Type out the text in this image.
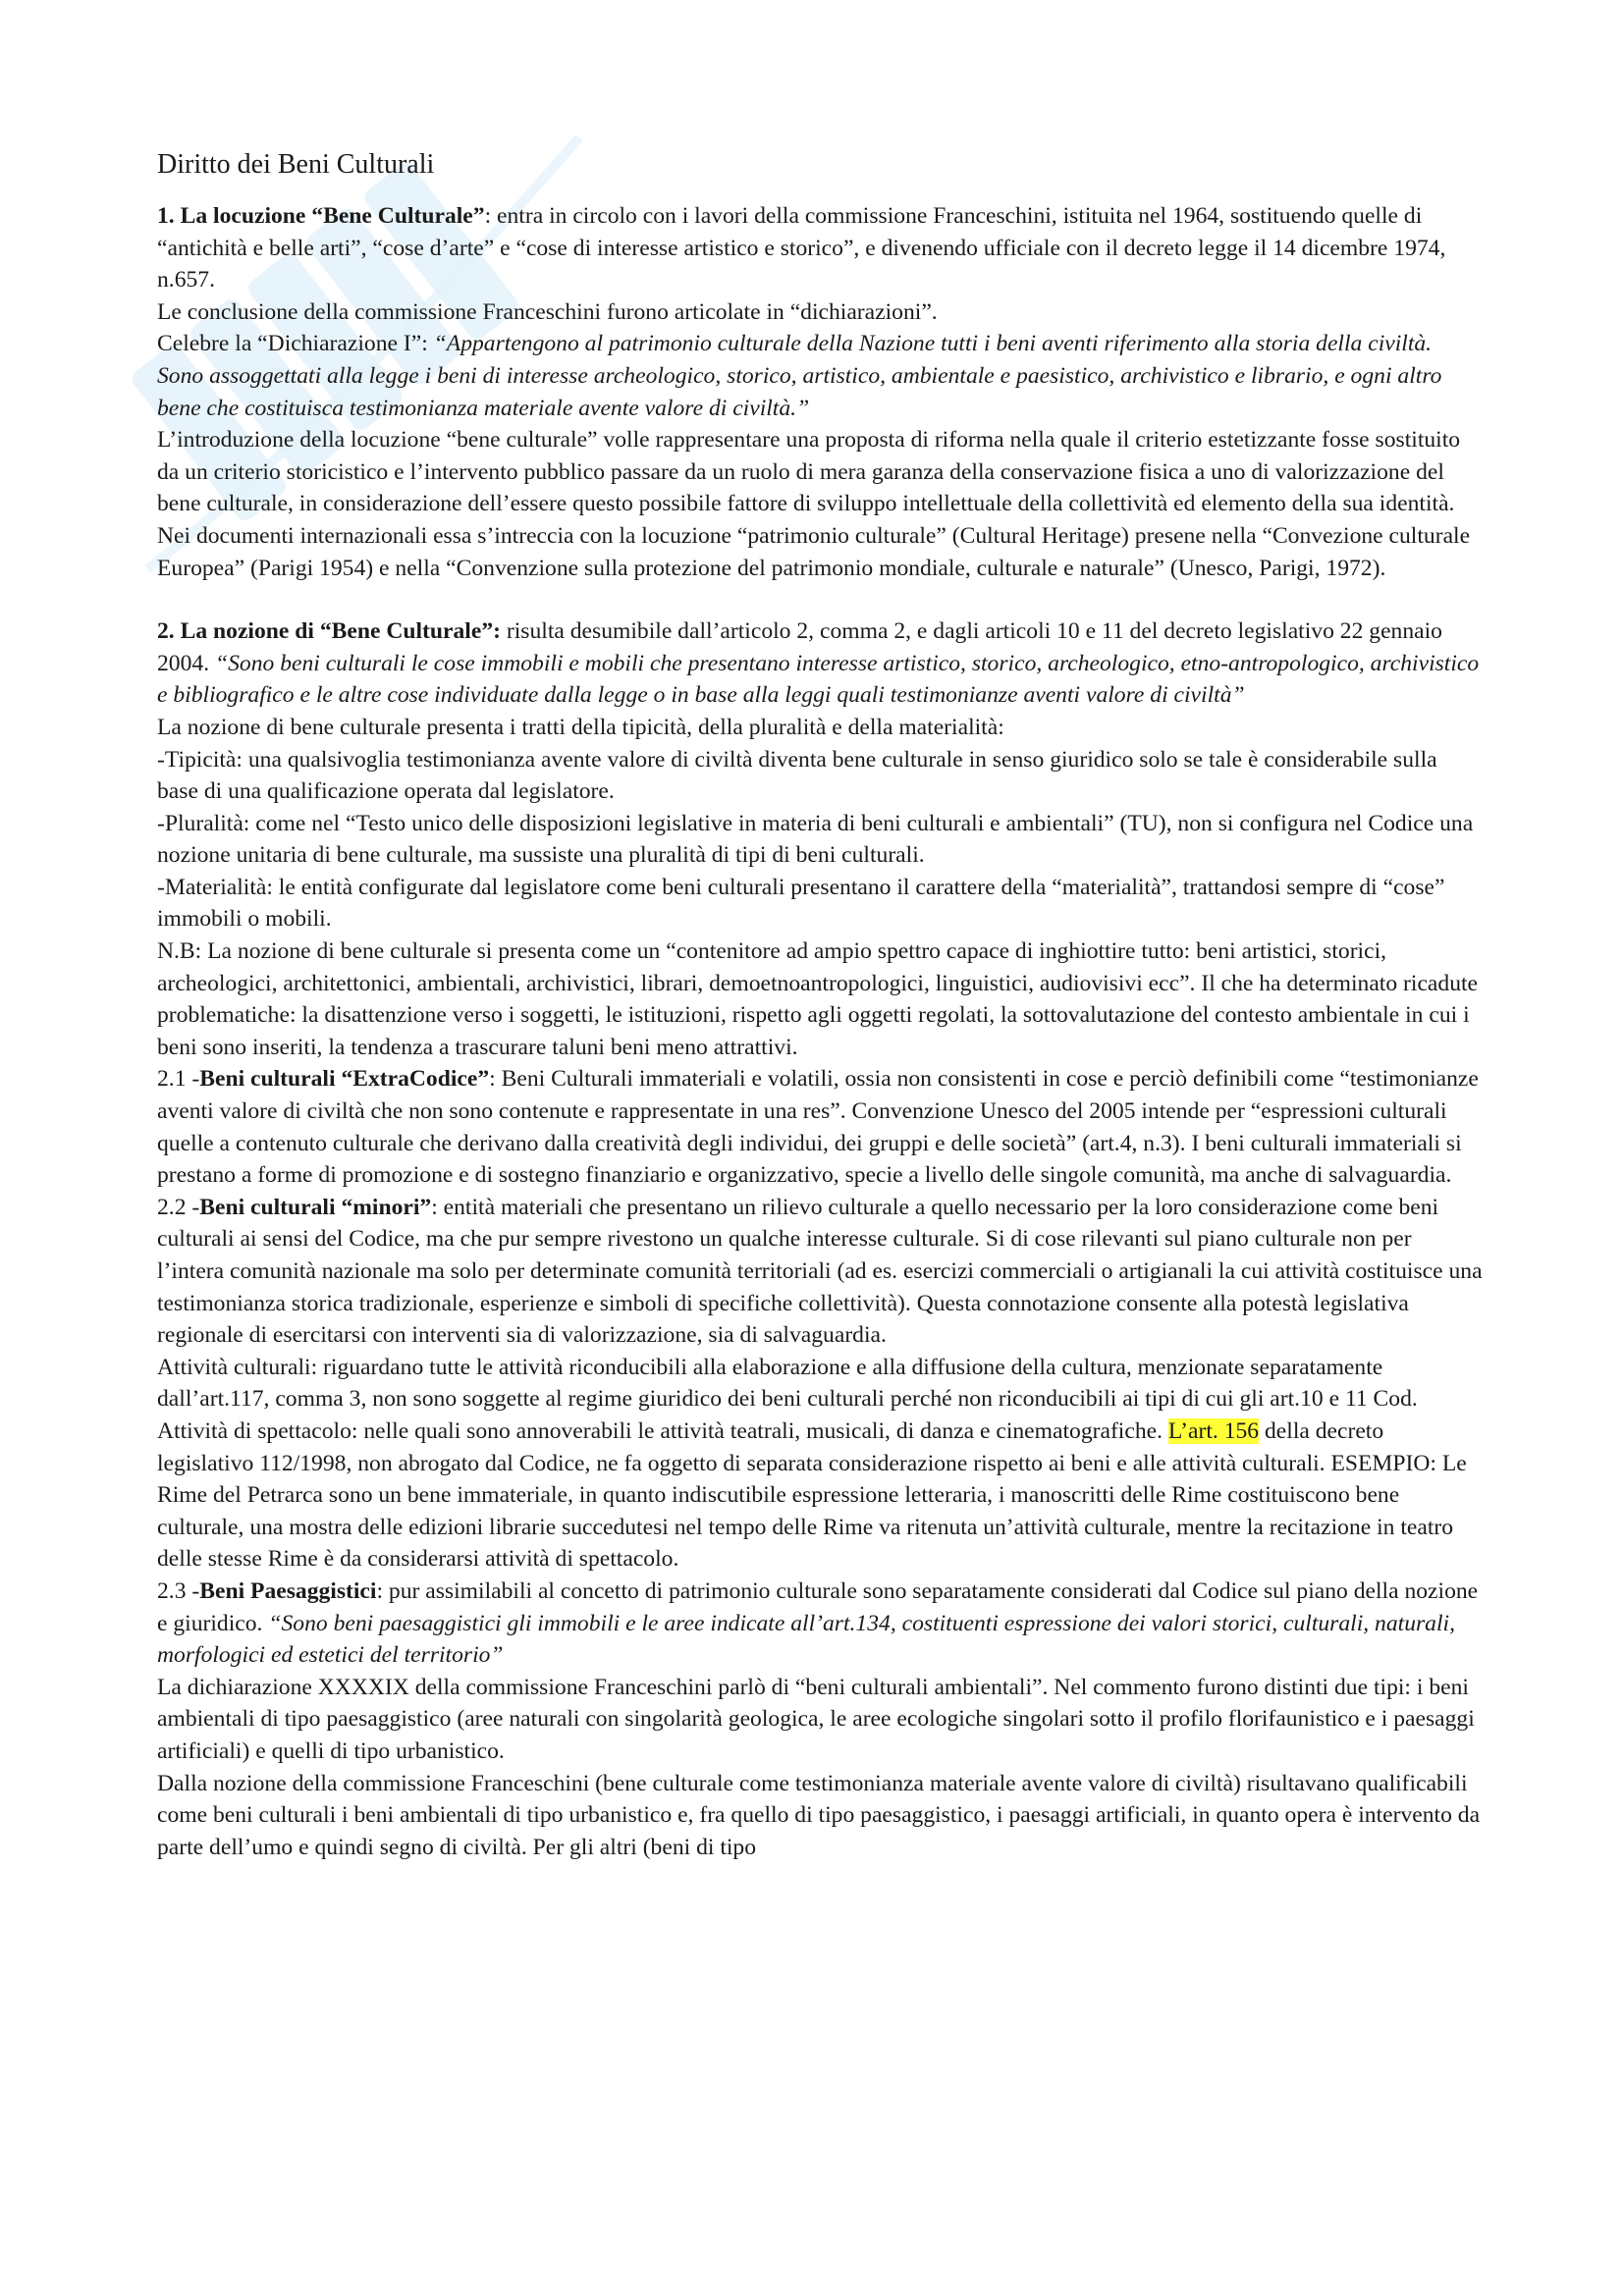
Diritto dei Beni Culturali

1. La locuzione “Bene Culturale”: entra in circolo con i lavori della commissione Franceschini, istituita nel 1964, sostituendo quelle di “antichità e belle arti”, “cose d’arte” e “cose di interesse artistico e storico”, e divenendo ufficiale con il decreto legge il 14 dicembre 1974, n.657.

Le conclusione della commissione Franceschini furono articolate in “dichiarazioni”.

Celebre la “Dichiarazione I”: “Appartengono al patrimonio culturale della Nazione tutti i beni aventi riferimento alla storia della civiltà. Sono assoggettati alla legge i beni di interesse archeologico, storico, artistico, ambientale e paesistico, archivistico e librario, e ogni altro bene che costituisca testimonianza materiale avente valore di civiltà.”

L’introduzione della locuzione “bene culturale” volle rappresentare una proposta di riforma nella quale il criterio estetizzante fosse sostituito da un criterio storicistico e l’intervento pubblico passare da un ruolo di mera garanza della conservazione fisica a uno di valorizzazione del bene culturale, in considerazione dell’essere questo possibile fattore di sviluppo intellettuale della collettività ed elemento della sua identità.

Nei documenti internazionali essa s’intreccia con la locuzione “patrimonio culturale” (Cultural Heritage) presene nella “Convezione culturale Europea” (Parigi 1954) e nella “Convenzione sulla protezione del patrimonio mondiale, culturale e naturale” (Unesco, Parigi, 1972).

2. La nozione di “Bene Culturale”: risulta desumibile dall’articolo 2, comma 2, e dagli articoli 10 e 11 del decreto legislativo 22 gennaio 2004. “Sono beni culturali le cose immobili e mobili che presentano interesse artistico, storico, archeologico, etno-antropologico, archivistico e bibliografico e le altre cose individuate dalla legge o in base alla leggi quali testimonianze aventi valore di civiltà”

La nozione di bene culturale presenta i tratti della tipicità, della pluralità e della materialità:

-Tipicità: una qualsivoglia testimonianza avente valore di civiltà diventa bene culturale in senso giuridico solo se tale è considerabile sulla base di una qualificazione operata dal legislatore.

-Pluralità: come nel “Testo unico delle disposizioni legislative in materia di beni culturali e ambientali” (TU), non si configura nel Codice una nozione unitaria di bene culturale, ma sussiste una pluralità di tipi di beni culturali.

-Materialità: le entità configurate dal legislatore come beni culturali presentano il carattere della “materialità”, trattandosi sempre di “cose” immobili o mobili.

N.B: La nozione di bene culturale si presenta come un “contenitore ad ampio spettro capace di inghiottire tutto: beni artistici, storici, archeologici, architettonici, ambientali, archivistici, librari, demoetnoantropologici, linguistici, audiovisivi ecc”. Il che ha determinato ricadute problematiche: la disattenzione verso i soggetti, le istituzioni, rispetto agli oggetti regolati, la sottovalutazione del contesto ambientale in cui i beni sono inseriti, la tendenza a trascurare taluni beni meno attrattivi.

2.1 -Beni culturali “ExtraCodice”: Beni Culturali immateriali e volatili, ossia non consistenti in cose e perciò definibili come “testimonianze aventi valore di civiltà che non sono contenute e rappresentate in una res”. Convenzione Unesco del 2005 intende per “espressioni culturali quelle a contenuto culturale che derivano dalla creatività degli individui, dei gruppi e delle società” (art.4, n.3). I beni culturali immateriali si prestano a forme di promozione e di sostegno finanziario e organizzativo, specie a livello delle singole comunità, ma anche di salvaguardia.

2.2 -Beni culturali “minori”: entità materiali che presentano un rilievo culturale a quello necessario per la loro considerazione come beni culturali ai sensi del Codice, ma che pur sempre rivestono un qualche interesse culturale. Si di cose rilevanti sul piano culturale non per l’intera comunità nazionale ma solo per determinate comunità territoriali (ad es. esercizi commerciali o artigianali la cui attività costituisce una testimonianza storica tradizionale, esperienze e simboli di specifiche collettività). Questa connotazione consente alla potestà legislativa regionale di esercitarsi con interventi sia di valorizzazione, sia di salvaguardia.

Attività culturali: riguardano tutte le attività riconducibili alla elaborazione e alla diffusione della cultura, menzionate separatamente dall’art.117, comma 3, non sono soggette al regime giuridico dei beni culturali perché non riconducibili ai tipi di cui gli art.10 e 11 Cod.

Attività di spettacolo: nelle quali sono annoverabili le attività teatrali, musicali, di danza e cinematografiche. L’art. 156 della decreto legislativo 112/1998, non abrogato dal Codice, ne fa oggetto di separata considerazione rispetto ai beni e alle attività culturali. ESEMPIO: Le Rime del Petrarca sono un bene immateriale, in quanto indiscutibile espressione letteraria, i manoscritti delle Rime costituiscono bene culturale, una mostra delle edizioni librarie succedutesi nel tempo delle Rime va ritenuta un’attività culturale, mentre la recitazione in teatro delle stesse Rime è da considerarsi attività di spettacolo.

2.3 -Beni Paesaggistici: pur assimilabili al concetto di patrimonio culturale sono separatamente considerati dal Codice sul piano della nozione e giuridico. “Sono beni paesaggistici gli immobili e le aree indicate all’art.134, costituenti espressione dei valori storici, culturali, naturali, morfologici ed estetici del territorio”

La dichiarazione XXXXIX della commissione Franceschini parlò di “beni culturali ambientali”. Nel commento furono distinti due tipi: i beni ambientali di tipo paesaggistico (aree naturali con singolarità geologica, le aree ecologiche singolari sotto il profilo florifaunistico e i paesaggi artificiali) e quelli di tipo urbanistico.

Dalla nozione della commissione Franceschini (bene culturale come testimonianza materiale avente valore di civiltà) risultavano qualificabili come beni culturali i beni ambientali di tipo urbanistico e, fra quello di tipo paesaggistico, i paesaggi artificiali, in quanto opera è intervento da parte dell’umo e quindi segno di civiltà. Per gli altri (beni di tipo
